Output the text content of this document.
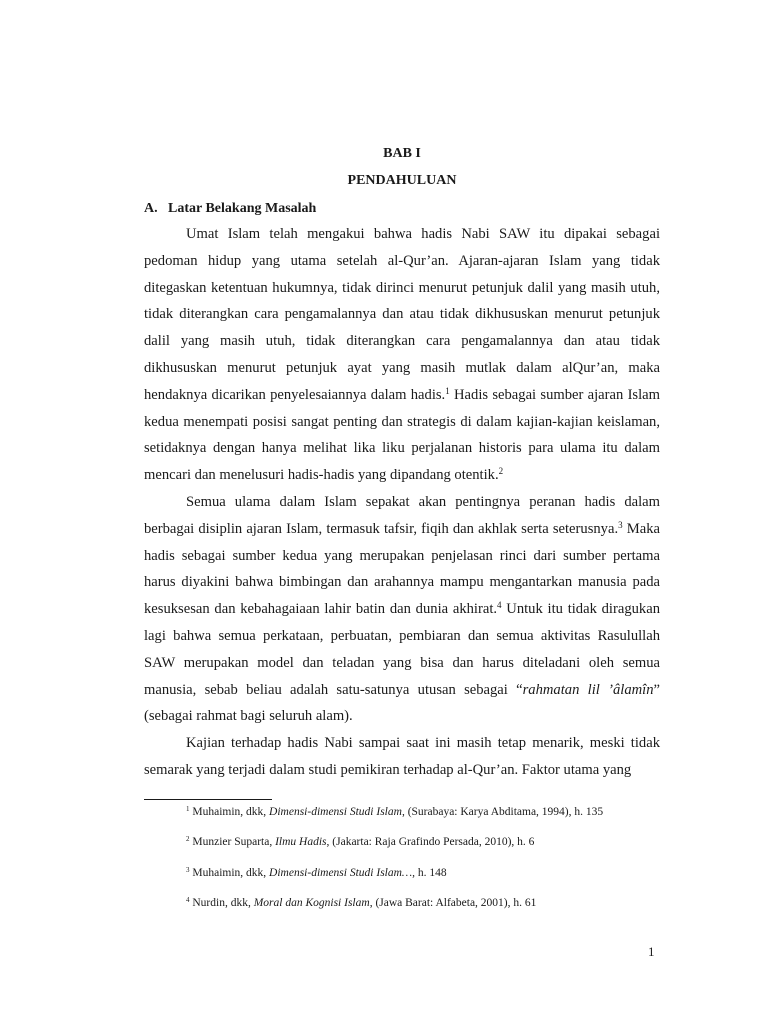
BAB I
PENDAHULUAN
A. Latar Belakang Masalah

Umat Islam telah mengakui bahwa hadis Nabi SAW itu dipakai sebagai pedoman hidup yang utama setelah al-Qur’an. Ajaran-ajaran Islam yang tidak ditegaskan ketentuan hukumnya, tidak dirinci menurut petunjuk dalil yang masih utuh, tidak diterangkan cara pengamalannya dan atau tidak dikhususkan menurut petunjuk dalil yang masih utuh, tidak diterangkan cara pengamalannya dan atau tidak dikhususkan menurut petunjuk ayat yang masih mutlak dalam alQur’an, maka hendaknya dicarikan penyelesaiannya dalam hadis.$^1$ Hadis sebagai sumber ajaran Islam kedua menempati posisi sangat penting dan strategis di dalam kajian-kajian keislaman, setidaknya dengan hanya melihat lika liku perjalanan historis para ulama itu dalam mencari dan menelusuri hadis-hadis yang dipandang otentik.$^2$

Semua ulama dalam Islam sepakat akan pentingnya peranan hadis dalam berbagai disiplin ajaran Islam, termasuk tafsir, fiqih dan akhlak serta seterusnya.$^3$ Maka hadis sebagai sumber kedua yang merupakan penjelasan rinci dari sumber pertama harus diyakini bahwa bimbingan dan arahannya mampu mengantarkan manusia pada kesuksesan dan kebahagaiaan lahir batin dan dunia akhirat.$^4$ Untuk itu tidak diragukan lagi bahwa semua perkataan, perbuatan, pembiaran dan semua aktivitas Rasulullah SAW merupakan model dan teladan yang bisa dan harus diteladani oleh semua manusia, sebab beliau adalah satu-satunya utusan sebagai “rahmatan lil ’âlamîn” (sebagai rahmat bagi seluruh alam).

Kajian terhadap hadis Nabi sampai saat ini masih tetap menarik, meski tidak semarak yang terjadi dalam studi pemikiran terhadap al-Qur’an. Faktor utama yang

$^1$ Muhaimin, dkk, Dimensi-dimensi Studi Islam, (Surabaya: Karya Abditama, 1994), h. 135
$^2$ Munzier Suparta, Ilmu Hadis, (Jakarta: Raja Grafindo Persada, 2010), h. 6
$^3$ Muhaimin, dkk, Dimensi-dimensi Studi Islam…, h. 148
$^4$ Nurdin, dkk, Moral dan Kognisi Islam, (Jawa Barat: Alfabeta, 2001), h. 61
1
